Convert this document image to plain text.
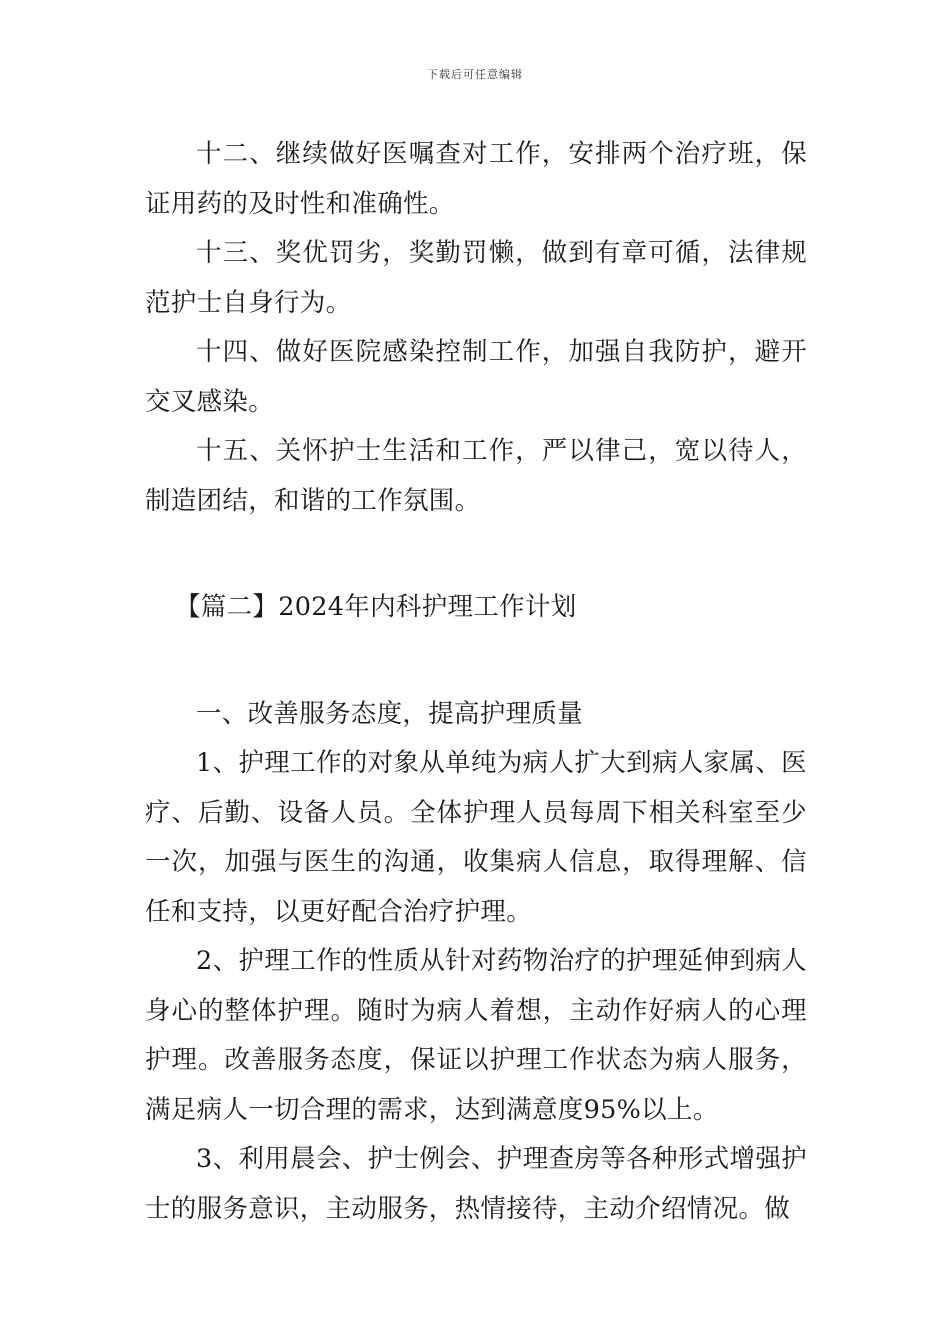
下载后可任意编辑

十二、继续做好医嘱查对工作，安排两个治疗班，保证用药的及时性和准确性。

十三、奖优罚劣，奖勤罚懒，做到有章可循，法律规范护士自身行为。

十四、做好医院感染控制工作，加强自我防护，避开交叉感染。

十五、关怀护士生活和工作，严以律己，宽以待人，制造团结，和谐的工作氛围。

【篇二】2024年内科护理工作计划

一、改善服务态度，提高护理质量

1、护理工作的对象从单纯为病人扩大到病人家属、医疗、后勤、设备人员。全体护理人员每周下相关科室至少一次，加强与医生的沟通，收集病人信息，取得理解、信任和支持，以更好配合治疗护理。

2、护理工作的性质从针对药物治疗的护理延伸到病人身心的整体护理。随时为病人着想，主动作好病人的心理护理。改善服务态度，保证以护理工作状态为病人服务，满足病人一切合理的需求，达到满意度95%以上。

3、利用晨会、护士例会、护理查房等各种形式增强护士的服务意识，主动服务，热情接待，主动介绍情况。做
